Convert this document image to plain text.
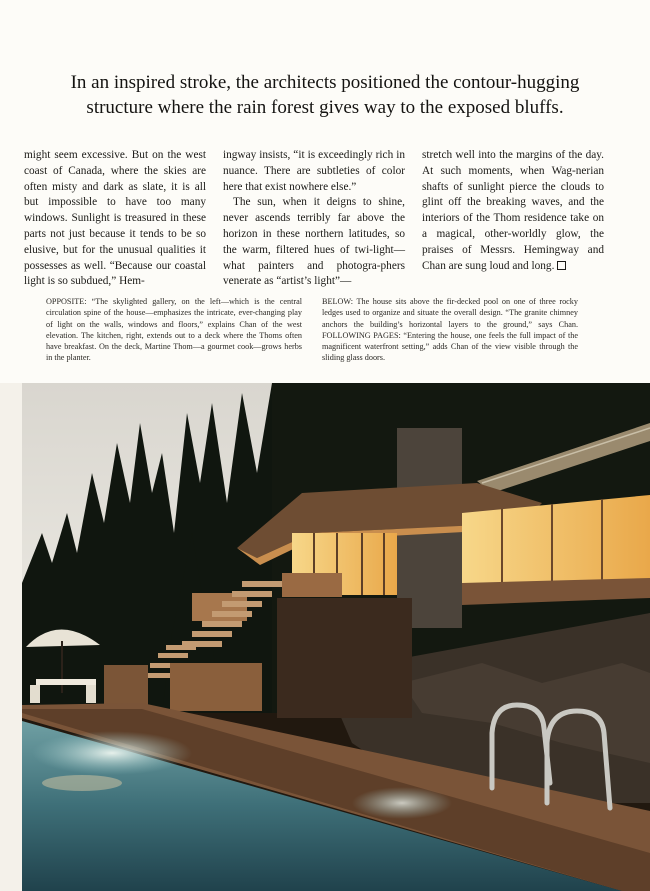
In an inspired stroke, the architects positioned the contour-hugging

structure where the rain forest gives way to the exposed bluffs.

might seem excessive. But on the west coast of Canada, where the skies are often misty and dark as slate, it is all but impossible to have too many windows. Sunlight is treasured in these parts not just because it tends to be so elusive, but for the unusual qualities it possesses as well. “Because our coastal light is so subdued,” Hem-

ingway insists, “it is exceedingly rich in nuance. There are subtleties of color here that exist nowhere else.”

The sun, when it deigns to shine, never ascends terribly far above the horizon in these northern latitudes, so the warm, filtered hues of twi-light—what painters and photogra-phers venerate as “artist’s light”—

stretch well into the margins of the day. At such moments, when Wag-nerian shafts of sunlight pierce the clouds to glint off the breaking waves, and the interiors of the Thom residence take on a magical, other-worldly glow, the praises of Messrs. Hemingway and Chan are sung loud and long.

OPPOSITE: “The skylighted gallery, on the left—which is the central circulation spine of the house—emphasizes the intricate, ever-changing play of light on the walls, windows and floors,” explains Chan of the west elevation. The kitchen, right, extends out to a deck where the Thoms often have breakfast. On the deck, Martine Thom—a gourmet cook—grows herbs in the planter.

BELOW: The house sits above the fir-decked pool on one of three rocky ledges used to organize and situate the overall design. “The granite chimney anchors the building’s horizontal layers to the ground,” says Chan. FOLLOWING PAGES: “Entering the house, one feels the full impact of the magnificent waterfront setting,” adds Chan of the view visible through the sliding glass doors.
